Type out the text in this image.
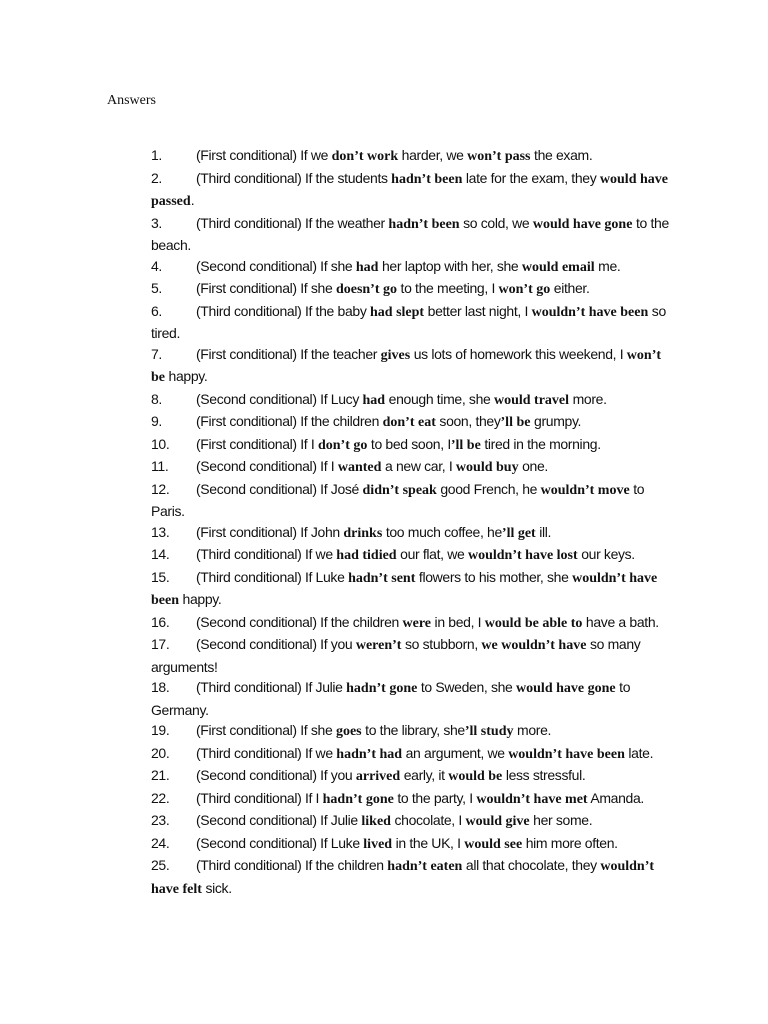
Answers
1. (First conditional) If we don’t work harder, we won’t pass the exam.
2. (Third conditional) If the students hadn’t been late for the exam, they would have passed.
3. (Third conditional) If the weather hadn’t been so cold, we would have gone to the beach.
4. (Second conditional) If she had her laptop with her, she would email me.
5. (First conditional) If she doesn’t go to the meeting, I won’t go either.
6. (Third conditional) If the baby had slept better last night, I wouldn’t have been so tired.
7. (First conditional) If the teacher gives us lots of homework this weekend, I won’t be happy.
8. (Second conditional) If Lucy had enough time, she would travel more.
9. (First conditional) If the children don’t eat soon, they’ll be grumpy.
10. (First conditional) If I don’t go to bed soon, I’ll be tired in the morning.
11. (Second conditional) If I wanted a new car, I would buy one.
12. (Second conditional) If José didn’t speak good French, he wouldn’t move to Paris.
13. (First conditional) If John drinks too much coffee, he’ll get ill.
14. (Third conditional) If we had tidied our flat, we wouldn’t have lost our keys.
15. (Third conditional) If Luke hadn’t sent flowers to his mother, she wouldn’t have been happy.
16. (Second conditional) If the children were in bed, I would be able to have a bath.
17. (Second conditional) If you weren’t so stubborn, we wouldn’t have so many arguments!
18. (Third conditional) If Julie hadn’t gone to Sweden, she would have gone to Germany.
19. (First conditional) If she goes to the library, she’ll study more.
20. (Third conditional) If we hadn’t had an argument, we wouldn’t have been late.
21. (Second conditional) If you arrived early, it would be less stressful.
22. (Third conditional) If I hadn’t gone to the party, I wouldn’t have met Amanda.
23. (Second conditional) If Julie liked chocolate, I would give her some.
24. (Second conditional) If Luke lived in the UK, I would see him more often.
25. (Third conditional) If the children hadn’t eaten all that chocolate, they wouldn’t have felt sick.
